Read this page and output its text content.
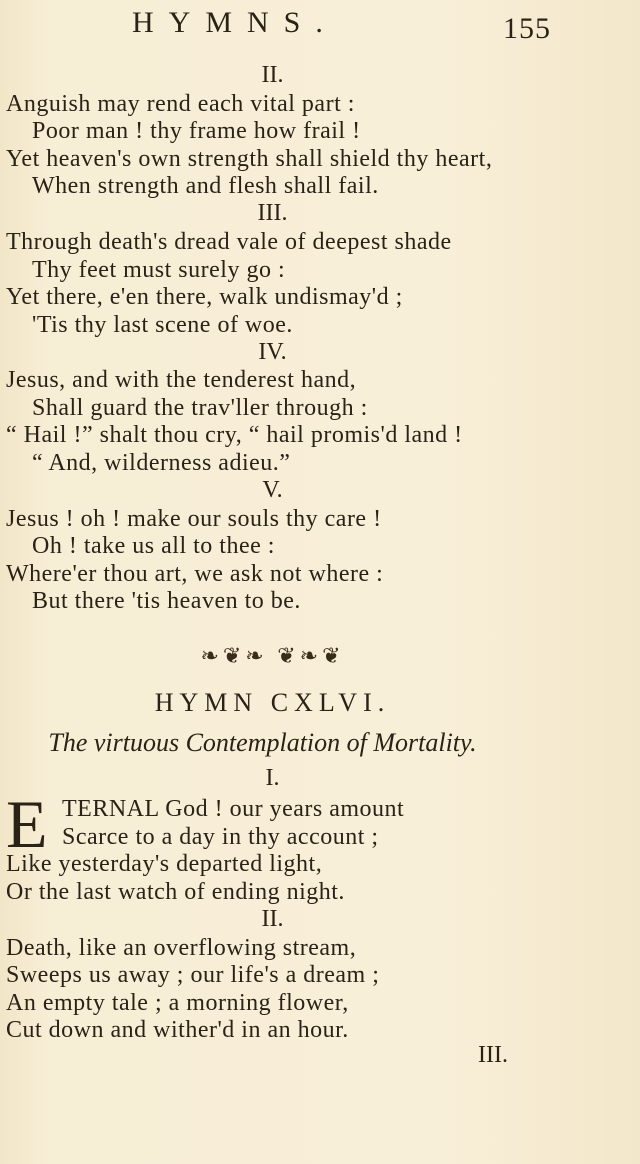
HYMNS.	155
II.
Anguish may rend each vital part :
Poor man ! thy frame how frail !
Yet heaven's own strength shall shield thy heart,
When strength and flesh shall fail.
III.
Through death's dread vale of deepest shade
Thy feet must surely go :
Yet there, e'en there, walk undismay'd ;
'Tis thy last scene of woe.
IV.
Jesus, and with the tenderest hand,
Shall guard the trav'ller through :
“ Hail !” shalt thou cry, “ hail promis'd land !
“ And, wilderness adieu.”
V.
Jesus ! oh ! make our souls thy care !
Oh ! take us all to thee :
Where'er thou art, we ask not where :
But there 'tis heaven to be.
❧❦❧ ❦❧❦
HYMN CXLVI.
The virtuous Contemplation of Mortality.
I.
E TERNAL God ! our years amount
Scarce to a day in thy account ;
Like yesterday's departed light,
Or the last watch of ending night.
II.
Death, like an overflowing stream,
Sweeps us away ; our life's a dream ;
An empty tale ; a morning flower,
Cut down and wither'd in an hour.
III.
